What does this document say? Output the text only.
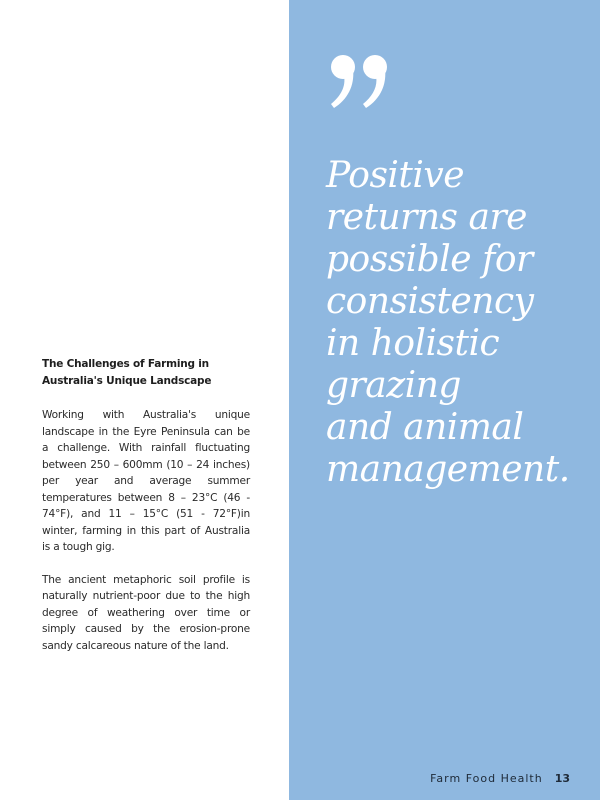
The Challenges of Farming in Australia's Unique Landscape

Working with Australia's unique landscape in the Eyre Peninsula can be a challenge. With rainfall fluctuating between 250 – 600mm (10 – 24 inches) per year and average summer temperatures between 8 – 23°C (46 - 74°F), and 11 – 15°C (51 - 72°F)in winter, farming in this part of Australia is a tough gig.

The ancient metaphoric soil profile is naturally nutrient-poor due to the high degree of weathering over time or simply caused by the erosion-prone sandy calcareous nature of the land.

Positive
returns are
possible for
consistency
in holistic
grazing
and animal
management.

Farm Food Health 13
